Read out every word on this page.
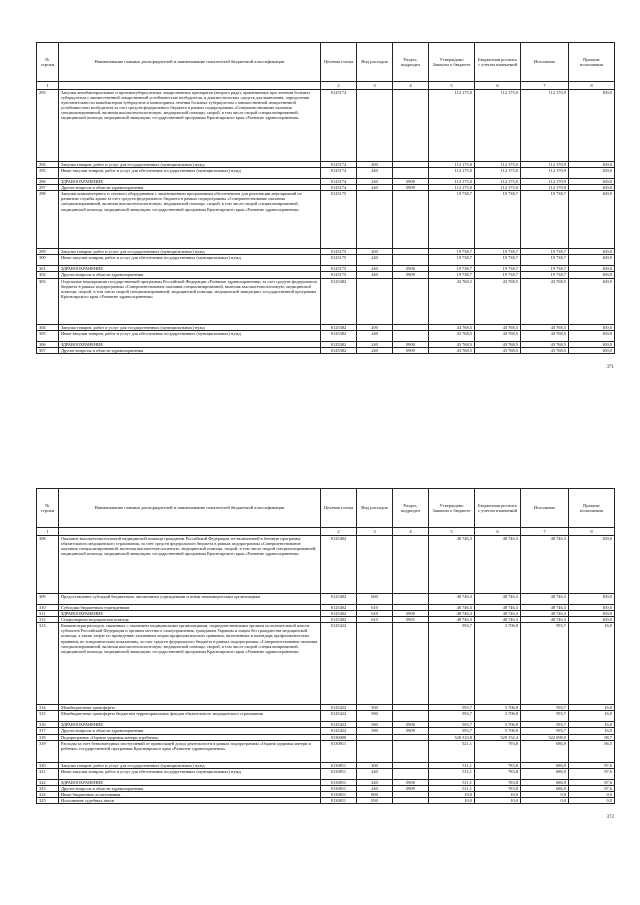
№ строки	Наименование главных распорядителей и наименование показателей бюджетной классификации	Целевая статья	Вид расходов	Раздел, подраздел	Утверждено Законом о бюджете	Бюджетная роспись с учетом изменений	Исполнено	Процент исполнения
1		2	3	4	5	6	7	8
293	Закупки антибактериальных и противотуберкулезных лекарственных препаратов (второго ряда), применяемых при лечении больных туберкулезом с множественной лекарственной устойчивостью возбудителя, и диагностических средств для выявления, определения чувствительности микобактерии туберкулеза и мониторинга лечения больных туберкулезом с множественной лекарственной устойчивостью возбудителя за счет средств федерального бюджета в рамках подпрограммы «Совершенствование оказания специализированной, включая высокотехнологичную, медицинской помощи, скорой, в том числе скорой специализированной, медицинской помощи, медицинской эвакуации» государственной программы Красноярского края «Развитие здравоохранения»	0125174			112 175,0	112 175,0	112 170,9	100,0
294	Закупка товаров, работ и услуг для государственных (муниципальных) нужд	0125174	200		112 175,0	112 175,0	112 170,9	100,0
295	Иные закупки товаров, работ и услуг для обеспечения государственных (муниципальных) нужд	0125174	240		112 175,0	112 175,0	112 170,9	100,0
296	ЗДРАВООХРАНЕНИЕ	0125174	240	0900	112 175,0	112 175,0	112 170,9	100,0
297	Другие вопросы в области здравоохранения	0125174	240	0909	112 175,0	112 175,0	112 170,9	100,0
298	Закупки компьютерного и сетевого оборудования с лицензионным программным обеспечением для реализации мероприятий по развитию службы крови за счет средств федерального бюджета в рамках подпрограммы «Совершенствование оказания специализированной, включая высокотехнологичную, медицинской помощи, скорой, в том числе скорой специализированной, медицинской помощи, медицинской эвакуации» государственной программы Красноярского края «Развитие здравоохранения»	0125175			19 738,7	19 738,7	19 738,7	100,0
299	Закупка товаров, работ и услуг для государственных (муниципальных) нужд	0125175	200		19 738,7	19 738,7	19 738,7	100,0
300	Иные закупки товаров, работ и услуг для обеспечения государственных (муниципальных) нужд	0125175	240		19 738,7	19 738,7	19 738,7	100,0
301	ЗДРАВООХРАНЕНИЕ	0125175	240	0900	19 738,7	19 738,7	19 738,7	100,0
302	Другие вопросы в области здравоохранения	0125175	240	0909	19 738,7	19 738,7	19 738,7	100,0
303	Отдельные мероприятия государственной программы Российской Федерации «Развитие здравоохранения» за счет средств федерального бюджета в рамках подпрограммы «Совершенствование оказания специализированной, включая высокотехнологичную, медицинской помощи, скорой, в том числе скорой специализированной, медицинской помощи, медицинской эвакуации» государственной программы Красноярского края «Развитие здравоохранения»	0125382			43 768,5	43 768,5	43 768,5	100,0
304	Закупка товаров, работ и услуг для государственных (муниципальных) нужд	0125382	200		43 768,5	43 768,5	43 768,5	100,0
305	Иные закупки товаров, работ и услуг для обеспечения государственных (муниципальных) нужд	0125382	240		43 768,5	43 768,5	43 768,5	100,0
306	ЗДРАВООХРАНЕНИЕ	0125382	240	0900	43 768,5	43 768,5	43 768,5	100,0
307	Другие вопросы в области здравоохранения	0125382	240	0909	43 768,5	43 768,5	43 768,5	100,0
371
№ строки	Наименование главных распорядителей и наименование показателей бюджетной классификации	Целевая статья	Вид расходов	Раздел, подраздел	Утверждено Законом о бюджете	Бюджетная роспись с учетом изменений	Исполнено	Процент исполнения
1		2	3	4	5	6	7	8
308	Оказание высокотехнологичной медицинской помощи гражданам Российской Федерации, не включенной в базовую программу обязательного медицинского страхования, за счет средств федерального бюджета в рамках подпрограммы «Совершенствование оказания специализированной, включая высокотехнологичную, медицинской помощи, скорой, в том числе скорой специализированной, медицинской помощи, медицинской эвакуации» государственной программы Красноярского края «Развитие здравоохранения»	0125402			48 746,3	48 746,3	48 746,3	100,0
309	Предоставление субсидий бюджетным, автономным учреждениям и иным некоммерческим организациям	0125402	600		48 746,3	48 746,3	48 746,3	100,0
310	Субсидии бюджетным учреждениям	0125402	610		48 746,3	48 746,3	48 746,3	100,0
311	ЗДРАВООХРАНЕНИЕ	0125402	610	0900	48 746,3	48 746,3	48 746,3	100,0
312	Стационарная медицинская помощь	0125402	610	0901	48 746,3	48 746,3	48 746,3	100,0
313	Компенсация расходов, связанных с оказанием медицинскими организациями, подведомственными органам исполнительной власти субъектов Российской Федерации и органам местного самоуправления, гражданам Украины и лицам без гражданства медицинской помощи, а также затрат по проведению указанным лицам профилактических прививок, включенных в календарь профилактических прививок по эпидемическим показаниям, за счет средств федерального бюджета в рамках подпрограммы «Совершенствование оказания специализированной, включая высокотехнологичную, медицинской помощи, скорой, в том числе скорой специализированной, медицинской помощи, медицинской эвакуации» государственной программы Красноярского края «Развитие здравоохранения»	0125422			593,7	3 706,8	593,7	16,0
314	Межбюджетные трансферты	0125422	500		593,7	3 706,8	593,7	16,0
315	Межбюджетные трансферты бюджетам территориальных фондов обязательного медицинского страхования	0125422	580		593,7	3 706,8	593,7	16,0
316	ЗДРАВООХРАНЕНИЕ	0125422	580	0900	593,7	3 706,8	593,7	16,0
317	Другие вопросы в области здравоохранения	0125422	580	0909	593,7	3 706,8	593,7	16,0
318	Подпрограмма «Охрана здоровья матери и ребенка»	0130000			528 323,8	529 152,4	522 099,0	98,7
319	Расходы за счет безвозмездных поступлений от приносящей доход деятельности в рамках подпрограммы «Охрана здоровья матери и ребенка» государственной программы Красноярского края «Развитие здравоохранения»	0130811			521,1	793,8	686,9	86,5
320	Закупка товаров, работ и услуг для государственных (муниципальных) нужд	0130811	200		511,1	783,8	686,9	87,6
321	Иные закупки товаров, работ и услуг для обеспечения государственных (муниципальных) нужд	0130811	240		511,1	783,8	686,9	87,6
322	ЗДРАВООХРАНЕНИЕ	0130811	240	0900	511,1	783,8	686,9	87,6
323	Другие вопросы в области здравоохранения	0130811	240	0909	511,1	783,8	686,9	87,6
324	Иные бюджетные ассигнования	0130811	800		10,0	10,0	0,0	0,0
325	Исполнение судебных актов	0130811	830		10,0	10,0	0,0	0,0
372
